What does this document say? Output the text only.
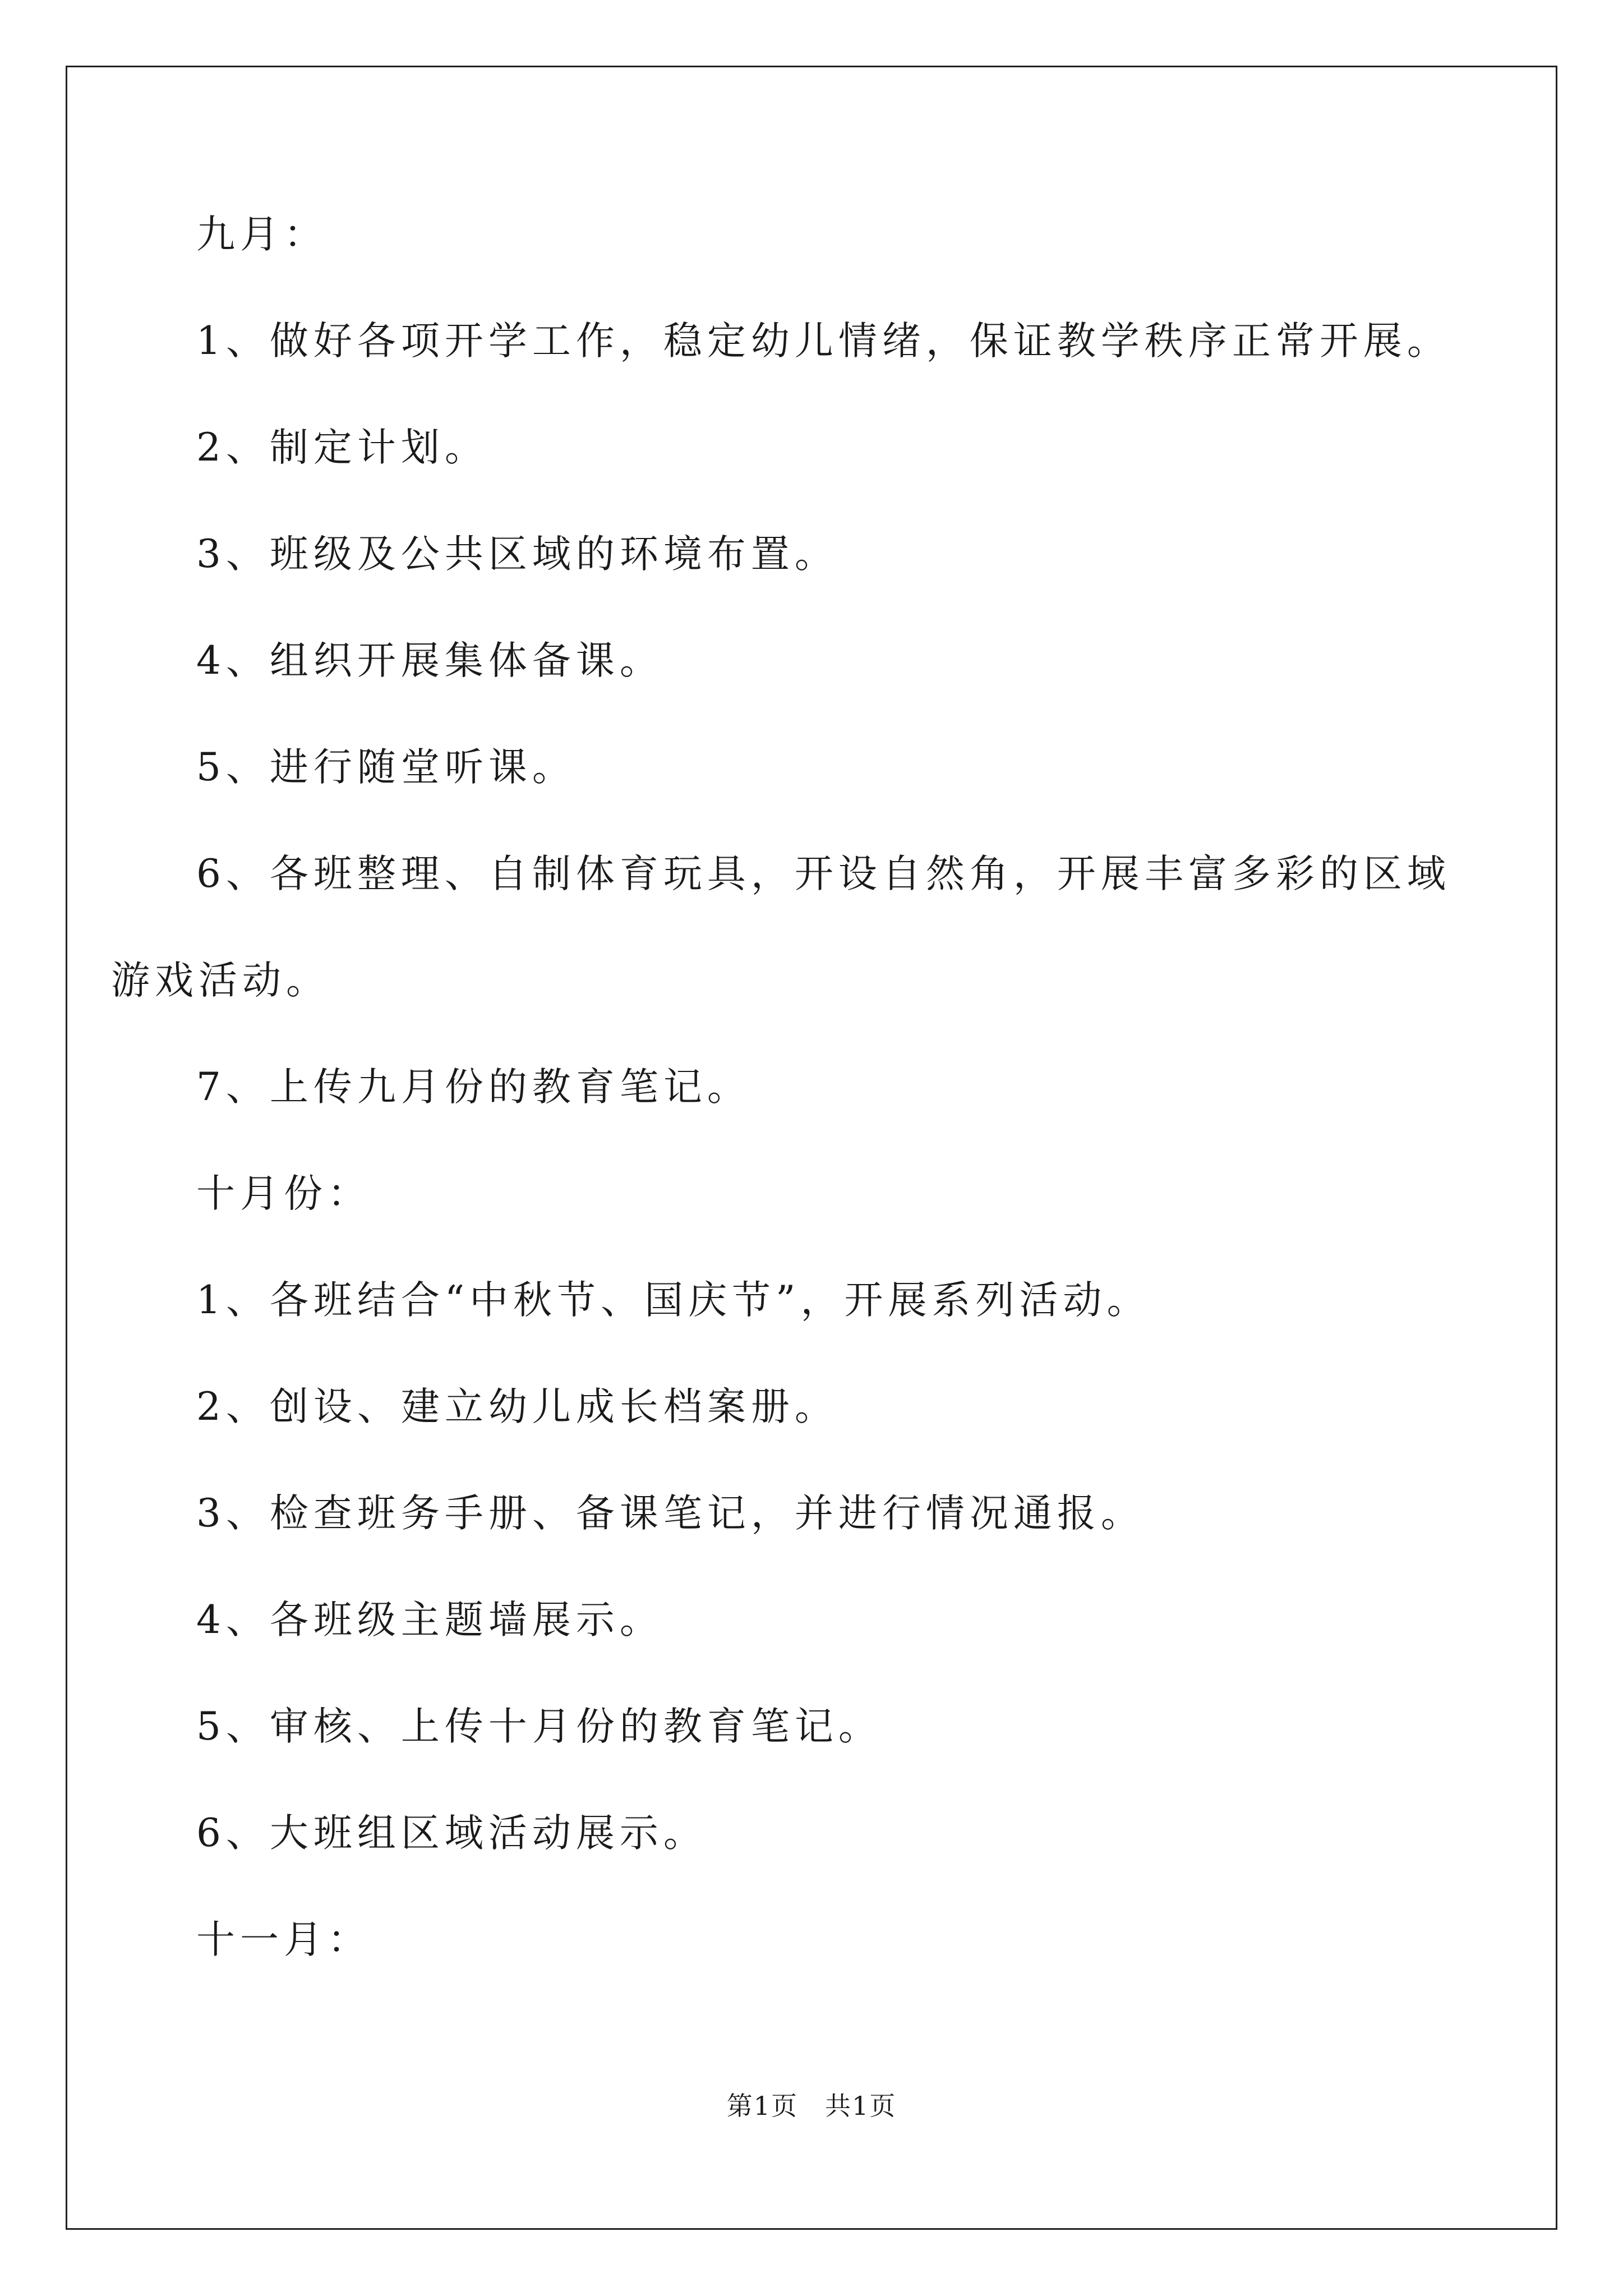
九月：

1、做好各项开学工作，稳定幼儿情绪，保证教学秩序正常开展。

2、制定计划。

3、班级及公共区域的环境布置。

4、组织开展集体备课。

5、进行随堂听课。

6、各班整理、自制体育玩具，开设自然角，开展丰富多彩的区域

游戏活动。

7、上传九月份的教育笔记。

十月份：

1、各班结合“中秋节、国庆节”，开展系列活动。

2、创设、建立幼儿成长档案册。

3、检查班务手册、备课笔记，并进行情况通报。

4、各班级主题墙展示。

5、审核、上传十月份的教育笔记。

6、大班组区域活动展示。

十一月：

第1页　共1页
